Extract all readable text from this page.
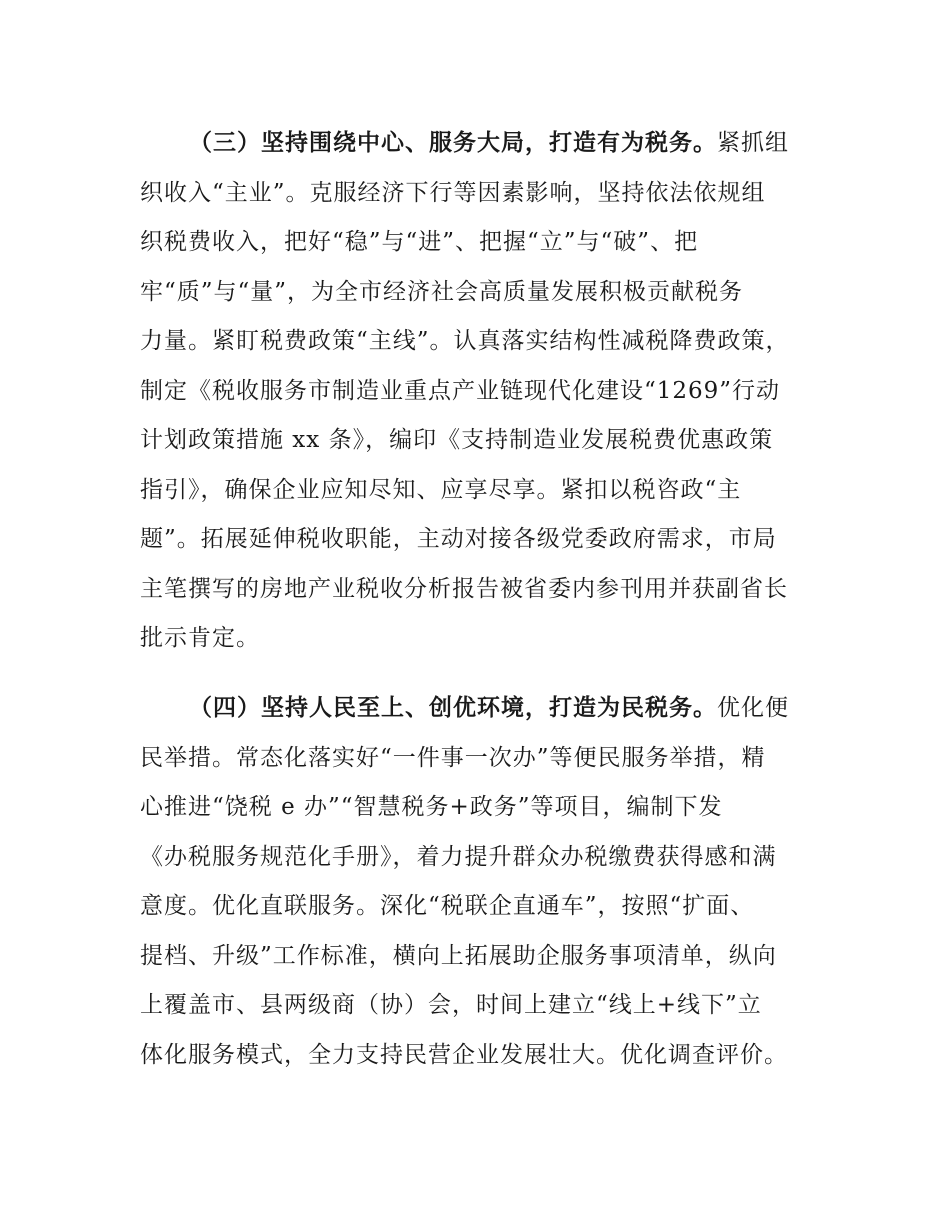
（三）坚持围绕中心、服务大局，打造有为税务。紧抓组
织收入“主业”。克服经济下行等因素影响，坚持依法依规组
织税费收入，把好“稳”与“进”、把握“立”与“破”、把
牢“质”与“量”，为全市经济社会高质量发展积极贡献税务
力量。紧盯税费政策“主线”。认真落实结构性减税降费政策，
制定《税收服务市制造业重点产业链现代化建设“1269”行动
计划政策措施 xx 条》，编印《支持制造业发展税费优惠政策
指引》，确保企业应知尽知、应享尽享。紧扣以税咨政“主
题”。拓展延伸税收职能，主动对接各级党委政府需求，市局
主笔撰写的房地产业税收分析报告被省委内参刊用并获副省长
批示肯定。
（四）坚持人民至上、创优环境，打造为民税务。优化便
民举措。常态化落实好“一件事一次办”等便民服务举措，精
心推进“饶税 e 办”“智慧税务+政务”等项目，编制下发
《办税服务规范化手册》，着力提升群众办税缴费获得感和满
意度。优化直联服务。深化“税联企直通车”，按照“扩面、
提档、升级”工作标准，横向上拓展助企服务事项清单，纵向
上覆盖市、县两级商（协）会，时间上建立“线上+线下”立
体化服务模式，全力支持民营企业发展壮大。优化调查评价。
